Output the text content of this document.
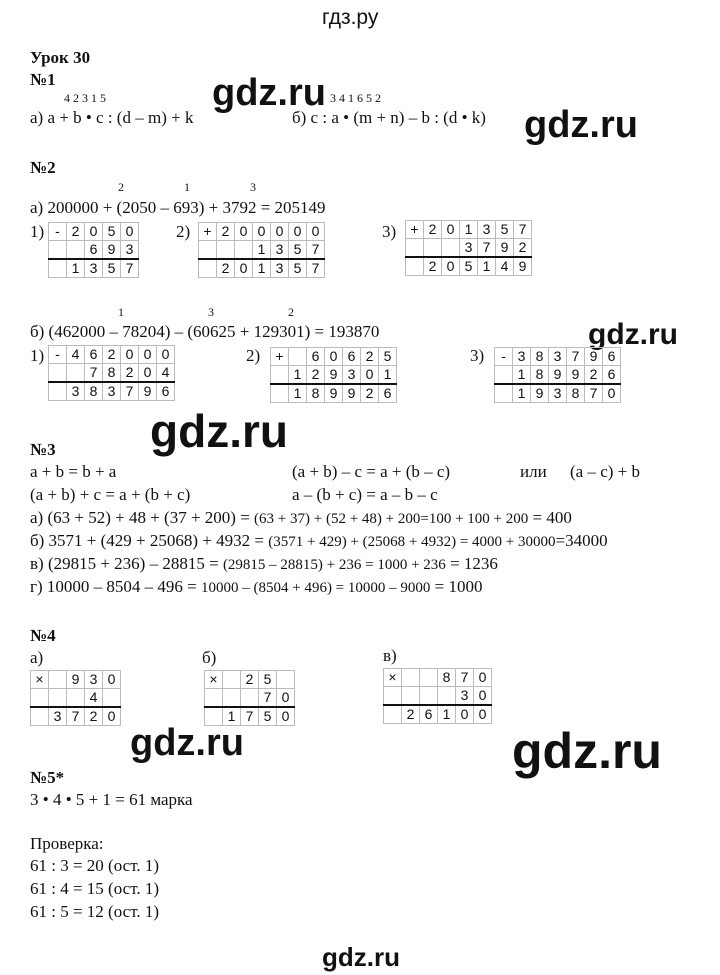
гдз.ру
Урок 30
№1
4 2 3 1 5
а) a + b • c : (d – m) + k
3 4 1 6 5 2
б) c : a • (m + n) – b : (d • k)
gdz.ru
gdz.ru
№2
2	1	3
а) 200000 + (2050 – 693) + 3792 = 205149
1)	2)	3)
-	2	0	5	0
		6	9	3
	1	3	5	7
+	2	0	0	0	0	0
			1	3	5	7
	2	0	1	3	5	7
+	2	0	1	3	5	7
			3	7	9	2
	2	0	5	1	4	9
1	3	2
б) (462000 – 78204) – (60625 + 129301) = 193870	gdz.ru
1)	2)	3)
-	4	6	2	0	0	0
		7	8	2	0	4
	3	8	3	7	9	6
+		6	0	6	2	5
	1	2	9	3	0	1
	1	8	9	9	2	6
-	3	8	3	7	9	6
	1	8	9	9	2	6
	1	9	3	8	7	0
gdz.ru
№3
a + b = b + a	(a + b) – c = a + (b – c)	или (a – c) + b
(a + b) + c = a + (b + c)	a – (b + c) = a – b – c
а) (63 + 52) + 48 + (37 + 200) = (63 + 37) + (52 + 48) + 200=100 + 100 + 200 = 400
б) 3571 + (429 + 25068) + 4932 = (3571 + 429) + (25068 + 4932) = 4000 + 30000=34000
в) (29815 + 236) – 28815 = (29815 – 28815) + 236 = 1000 + 236 = 1236
г) 10000 – 8504 – 496 = 10000 – (8504 + 496) = 10000 – 9000 = 1000
№4
а)	б)	в)
×		9	3	0
			4	
	3	7	2	0
×		2	5	
			7	0
	1	7	5	0
×			8	7	0
				3	0
	2	6	1	0	0
gdz.ru	gdz.ru
№5*
3 • 4 • 5 + 1 = 61 марка
Проверка:
61 : 3 = 20 (ост. 1)
61 : 4 = 15 (ост. 1)
61 : 5 = 12 (ост. 1)
gdz.ru
